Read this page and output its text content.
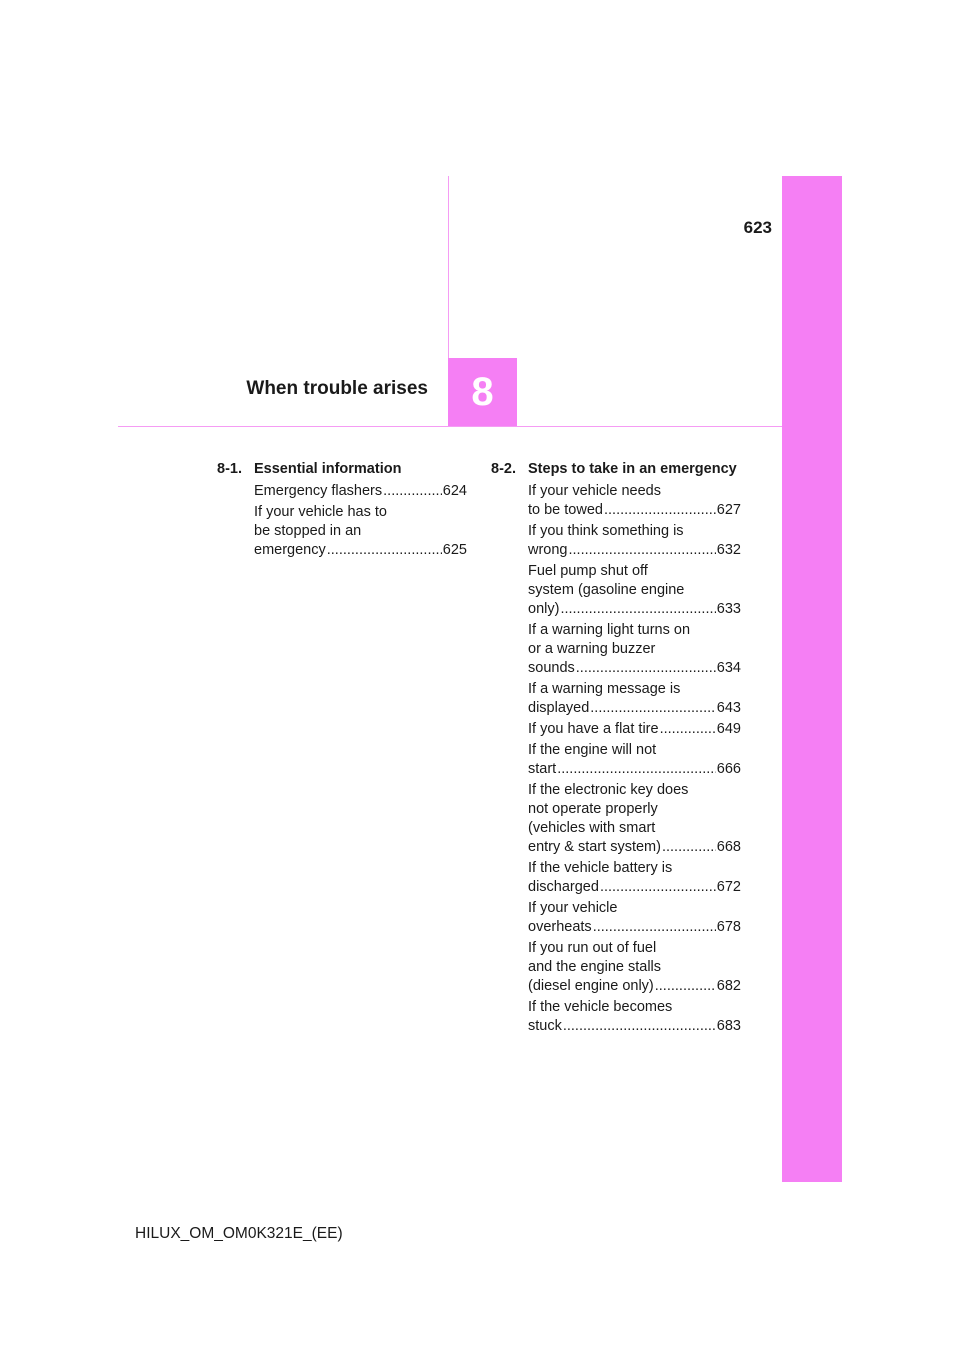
623
When trouble arises	8
8-1. Essential information
Emergency flashers .....	624
If your vehicle has to
be stopped in an
emergency .....	625
8-2. Steps to take in an emergency
If your vehicle needs
to be towed .....	627
If you think something is
wrong .....	632
Fuel pump shut off
system (gasoline engine
only) .....	633
If a warning light turns on
or a warning buzzer
sounds .....	634
If a warning message is
displayed .....	643
If you have a flat tire .....	649
If the engine will not
start .....	666
If the electronic key does
not operate properly
(vehicles with smart
entry & start system) .....	668
If the vehicle battery is
discharged .....	672
If your vehicle
overheats .....	678
If you run out of fuel
and the engine stalls
(diesel engine only) .....	682
If the vehicle becomes
stuck .....	683
HILUX_OM_OM0K321E_(EE)
